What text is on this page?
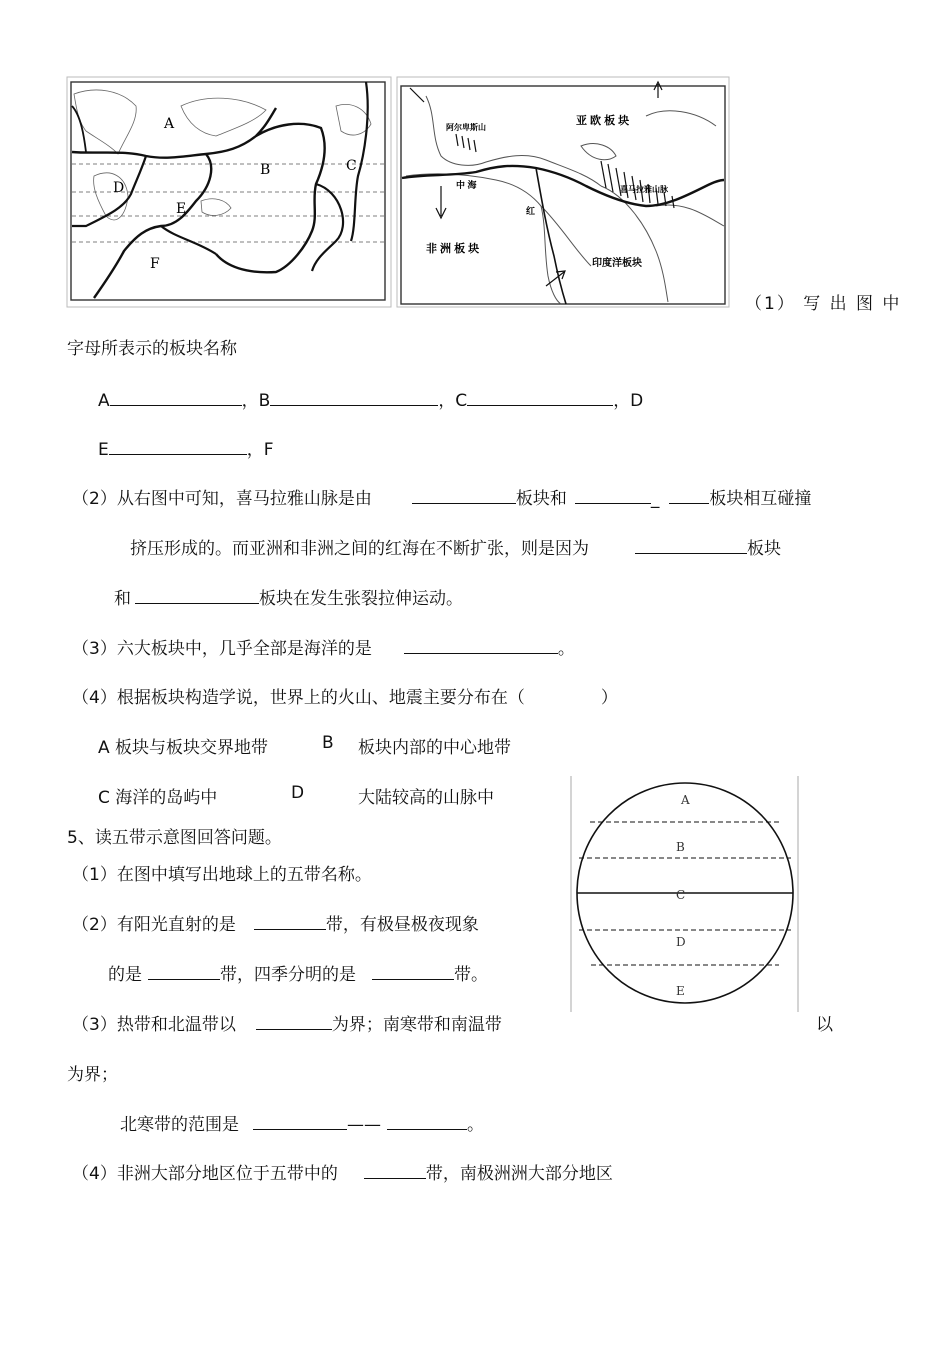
A
B	C
D
E
F
亚 欧 板 块
非 洲 板 块
印度洋板块
阿尔卑斯山
喜马拉雅山脉
中 海
红
（1） 写 出 图 中
字母所表示的板块名称
A	，B	，C	，D
E	，F
（2）从右图中可知，喜马拉雅山脉是由	板块和	_	板块相互碰撞
挤压形成的。而亚洲和非洲之间的红海在不断扩张，则是因为	板块
和	板块在发生张裂拉伸运动。
（3）六大板块中，几乎全部是海洋的是	。
（4）根据板块构造学说，世界上的火山、地震主要分布在（	）
A 板块与板块交界地带	B 板块内部的中心地带
C 海洋的岛屿中	D	大陆较高的山脉中
5、读五带示意图回答问题。
（1）在图中填写出地球上的五带名称。
（2）有阳光直射的是	带，有极昼极夜现象
的是	带，四季分明的是	带。
（3）热带和北温带以	为界；南寒带和南温带	以
为界；
北寒带的范围是	——	。
（4）非洲大部分地区位于五带中的	带，南极洲洲大部分地区
A
B
C
D
E
